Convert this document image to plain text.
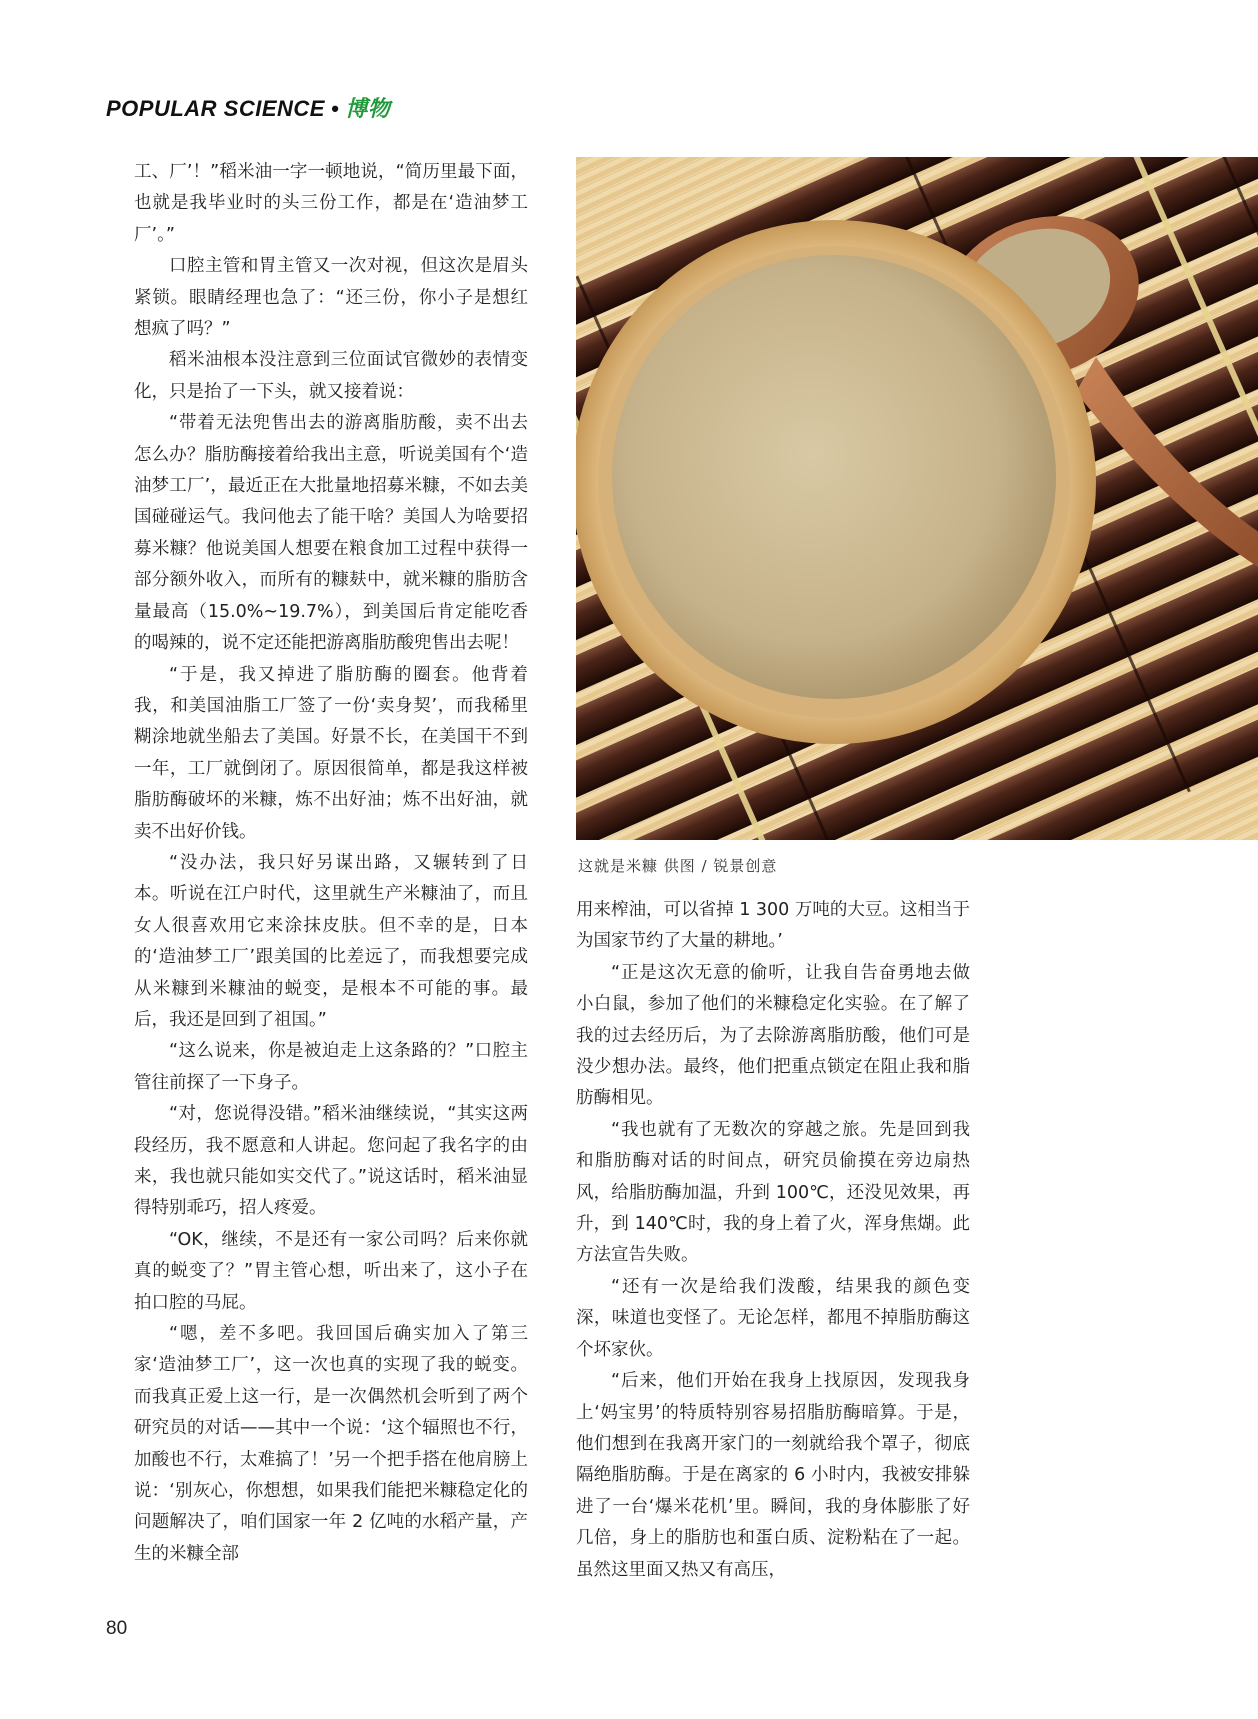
POPULAR SCIENCE • 博物

工、厂’！”稻米油一字一顿地说，“简历里最下面，也就是我毕业时的头三份工作，都是在‘造油梦工厂’。”

口腔主管和胃主管又一次对视，但这次是眉头紧锁。眼睛经理也急了：“还三份，你小子是想红想疯了吗？”

稻米油根本没注意到三位面试官微妙的表情变化，只是抬了一下头，就又接着说：

“带着无法兜售出去的游离脂肪酸，卖不出去怎么办？脂肪酶接着给我出主意，听说美国有个‘造油梦工厂’，最近正在大批量地招募米糠，不如去美国碰碰运气。我问他去了能干啥？美国人为啥要招募米糠？他说美国人想要在粮食加工过程中获得一部分额外收入，而所有的糠麸中，就米糠的脂肪含量最高（15.0%~19.7%），到美国后肯定能吃香的喝辣的，说不定还能把游离脂肪酸兜售出去呢！

“于是，我又掉进了脂肪酶的圈套。他背着我，和美国油脂工厂签了一份‘卖身契’，而我稀里糊涂地就坐船去了美国。好景不长，在美国干不到一年，工厂就倒闭了。原因很简单，都是我这样被脂肪酶破坏的米糠，炼不出好油；炼不出好油，就卖不出好价钱。

“没办法，我只好另谋出路，又辗转到了日本。听说在江户时代，这里就生产米糠油了，而且女人很喜欢用它来涂抹皮肤。但不幸的是，日本的‘造油梦工厂’跟美国的比差远了，而我想要完成从米糠到米糠油的蜕变，是根本不可能的事。最后，我还是回到了祖国。”

“这么说来，你是被迫走上这条路的？”口腔主管往前探了一下身子。

“对，您说得没错。”稻米油继续说，“其实这两段经历，我不愿意和人讲起。您问起了我名字的由来，我也就只能如实交代了。”说这话时，稻米油显得特别乖巧，招人疼爱。

“OK，继续，不是还有一家公司吗？后来你就真的蜕变了？”胃主管心想，听出来了，这小子在拍口腔的马屁。

“嗯，差不多吧。我回国后确实加入了第三家‘造油梦工厂’，这一次也真的实现了我的蜕变。而我真正爱上这一行，是一次偶然机会听到了两个研究员的对话——其中一个说：‘这个辐照也不行，加酸也不行，太难搞了！’另一个把手搭在他肩膀上说：‘别灰心，你想想，如果我们能把米糠稳定化的问题解决了，咱们国家一年 2 亿吨的水稻产量，产生的米糠全部

这就是米糠 供图 / 锐景创意

用来榨油，可以省掉 1 300 万吨的大豆。这相当于为国家节约了大量的耕地。’

“正是这次无意的偷听，让我自告奋勇地去做小白鼠，参加了他们的米糠稳定化实验。在了解了我的过去经历后，为了去除游离脂肪酸，他们可是没少想办法。最终，他们把重点锁定在阻止我和脂肪酶相见。

“我也就有了无数次的穿越之旅。先是回到我和脂肪酶对话的时间点，研究员偷摸在旁边扇热风，给脂肪酶加温，升到 100℃，还没见效果，再升，到 140℃时，我的身上着了火，浑身焦煳。此方法宣告失败。

“还有一次是给我们泼酸，结果我的颜色变深，味道也变怪了。无论怎样，都甩不掉脂肪酶这个坏家伙。

“后来，他们开始在我身上找原因，发现我身上‘妈宝男’的特质特别容易招脂肪酶暗算。于是，他们想到在我离开家门的一刻就给我个罩子，彻底隔绝脂肪酶。于是在离家的 6 小时内，我被安排躲进了一台‘爆米花机’里。瞬间，我的身体膨胀了好几倍，身上的脂肪也和蛋白质、淀粉粘在了一起。虽然这里面又热又有高压，

80
